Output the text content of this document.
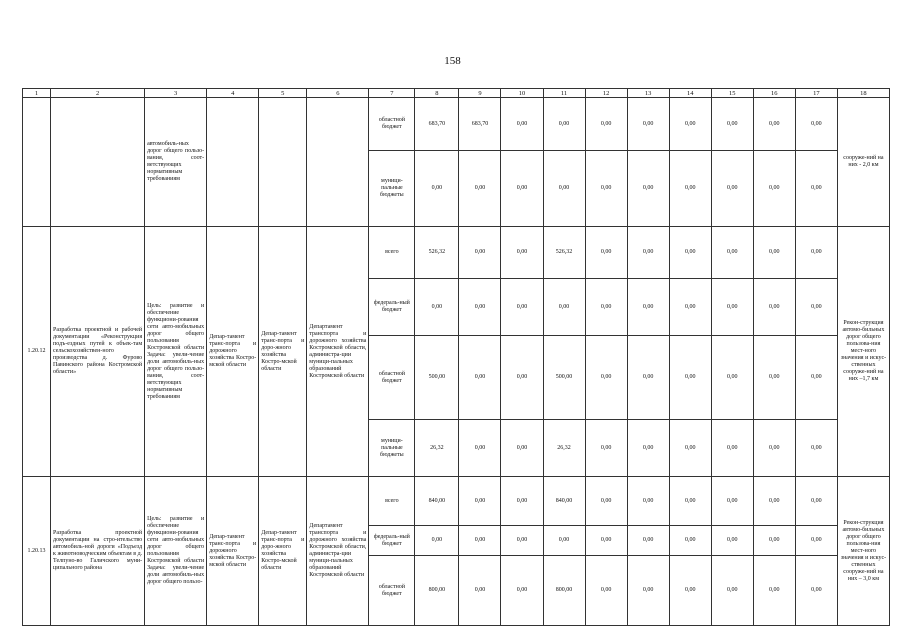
158
1	2	3	4	5	6	7	8	9	10	11	12	13	14	15	16	17	18
		автомобиль-ных дорог общего пользо-вания, соот-ветствующих нормативным требованиям				областной бюджет	683,70	683,70	0,00	0,00	0,00	0,00	0,00	0,00	0,00	0,00	сооруже-ний на них - 2,0 км
						муници-пальные бюджеты	0,00	0,00	0,00	0,00	0,00	0,00	0,00	0,00	0,00	0,00	
1.20.12	Разработка проектной и рабочей документации «Реконструкция подъ-ездных путей к объек-там сельскохозяйствен-ного производства д. Фурово Павинского района Костромской области»	Цель: развитие и обеспечение функциони-рования сети авто-мобильных дорог общего пользования Костромской области Задача: увели-чение доли автомобиль-ных дорог общего пользо-вания, соот-ветствующих нормативным требованиям	Депар-тамент транс-порта и дорожного хозяйства Костро-мской области	Депар-тамент транс-порта и доро-жного хозяйства Костро-мской области	Департамент транспорта и дорожного хозяйства Костромской области, администра-ции муници-пальных образований Костромской области	всего	526,32	0,00	0,00	526,32	0,00	0,00	0,00	0,00	0,00	0,00	Рекон-струкция автомо-бильных дорог общего пользова-ния мест-ного значения и искус-ственных сооруже-ний на них –1,7 км
						федераль-ный бюджет	0,00	0,00	0,00	0,00	0,00	0,00	0,00	0,00	0,00	0,00	
						областной бюджет	500,00	0,00	0,00	500,00	0,00	0,00	0,00	0,00	0,00	0,00	
						муници-пальные бюджеты	26,32	0,00	0,00	26,32	0,00	0,00	0,00	0,00	0,00	0,00	
1.20.13	Разработка проектной документации на стро-ительство автомобиль-ной дороги «Подъезд к животноводческим объектам в д. Телпуно-во Галичского муни-ципального района	Цель: развитие и обеспечение функциони-рования сети авто-мобильных дорог общего пользования Костромской области Задача: увели-чение доли автомобиль-ных дорог общего пользо-	Депар-тамент транс-порта и дорожного хозяйства Костро-мской области	Депар-тамент транс-порта и доро-жного хозяйства Костро-мской области	Департамент транспорта и дорожного хозяйства Костромской области, администра-ции муници-пальных образований Костромской области	всего	840,00	0,00	0,00	840,00	0,00	0,00	0,00	0,00	0,00	0,00	Рекон-струкция автомо-бильных дорог общего пользова-ния мест-ного значения и искус-ственных сооруже-ний на них – 3,0 км
						федераль-ный бюджет	0,00	0,00	0,00	0,00	0,00	0,00	0,00	0,00	0,00	0,00	
						областной бюджет	800,00	0,00	0,00	800,00	0,00	0,00	0,00	0,00	0,00	0,00	
